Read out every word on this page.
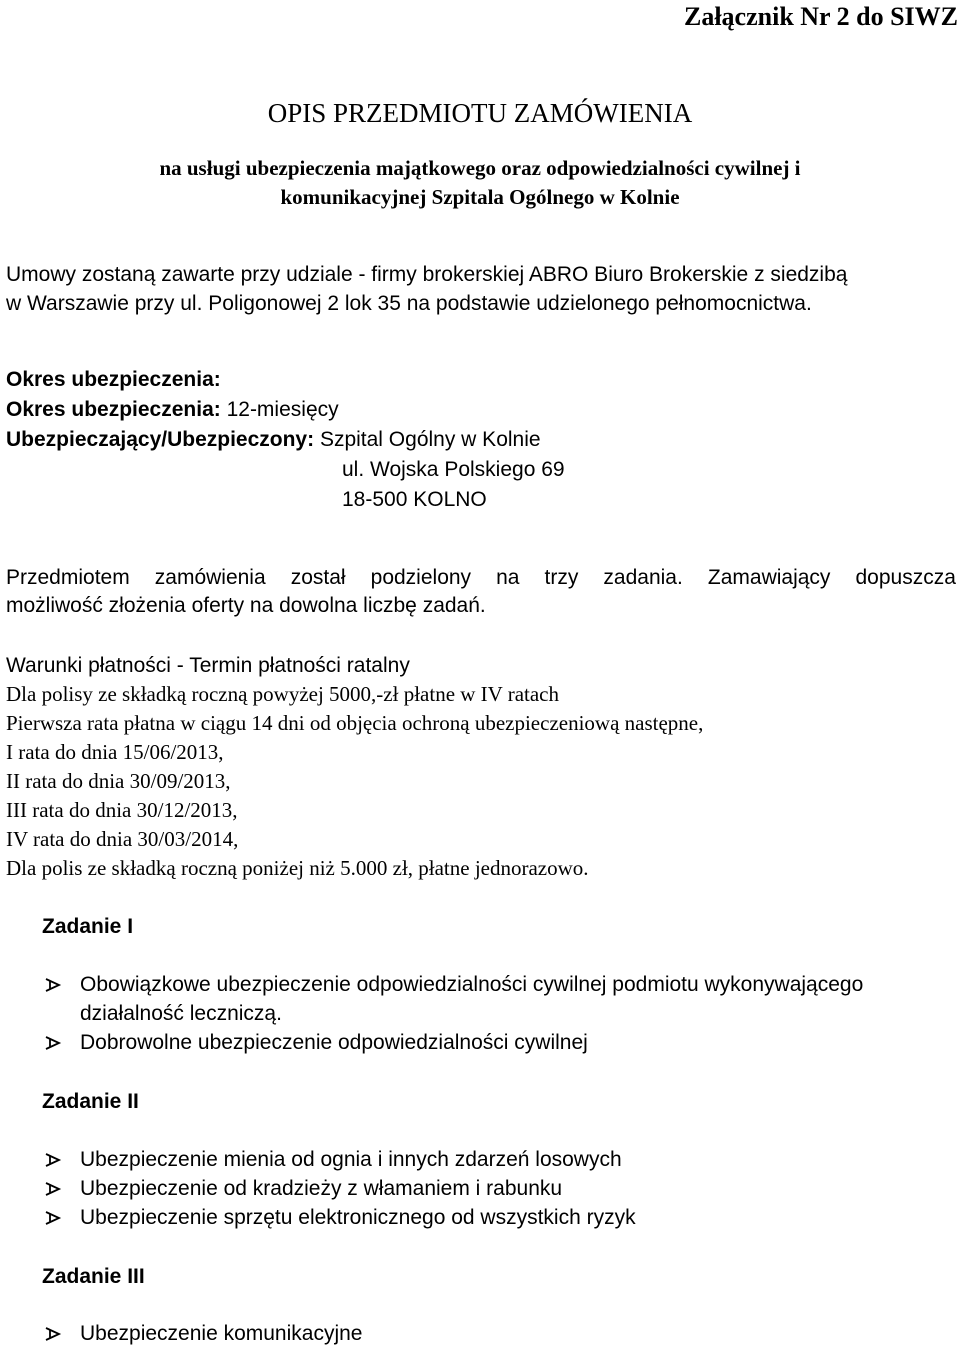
Załącznik Nr 2 do SIWZ
OPIS PRZEDMIOTU ZAMÓWIENIA
na usługi ubezpieczenia majątkowego oraz odpowiedzialności cywilnej i
komunikacyjnej Szpitala Ogólnego w Kolnie
Umowy zostaną zawarte przy udziale - firmy brokerskiej ABRO Biuro Brokerskie z siedzibą
w Warszawie przy ul. Poligonowej 2 lok 35 na podstawie udzielonego pełnomocnictwa.
Okres ubezpieczenia:
Okres ubezpieczenia: 12-miesięcy
Ubezpieczający/Ubezpieczony: Szpital Ogólny w Kolnie
ul. Wojska Polskiego 69
18-500 KOLNO
Przedmiotem zamówienia został podzielony na trzy zadania. Zamawiający dopuszcza
możliwość złożenia oferty na dowolna liczbę zadań.
Warunki płatności - Termin płatności ratalny
Dla polisy ze składką roczną powyżej 5000,-zł płatne w IV ratach
Pierwsza rata płatna w ciągu 14 dni od objęcia ochroną ubezpieczeniową następne,
I rata do dnia 15/06/2013,
II rata do dnia 30/09/2013,
III rata do dnia 30/12/2013,
IV rata do dnia 30/03/2014,
Dla polis ze składką roczną poniżej niż 5.000 zł, płatne jednorazowo.
Zadanie I
Obowiązkowe ubezpieczenie odpowiedzialności cywilnej podmiotu wykonywającego
działalność leczniczą.
Dobrowolne ubezpieczenie odpowiedzialności cywilnej
Zadanie II
Ubezpieczenie mienia od ognia i innych zdarzeń losowych
Ubezpieczenie od kradzieży z włamaniem i rabunku
Ubezpieczenie sprzętu elektronicznego od wszystkich ryzyk
Zadanie III
Ubezpieczenie komunikacyjne
